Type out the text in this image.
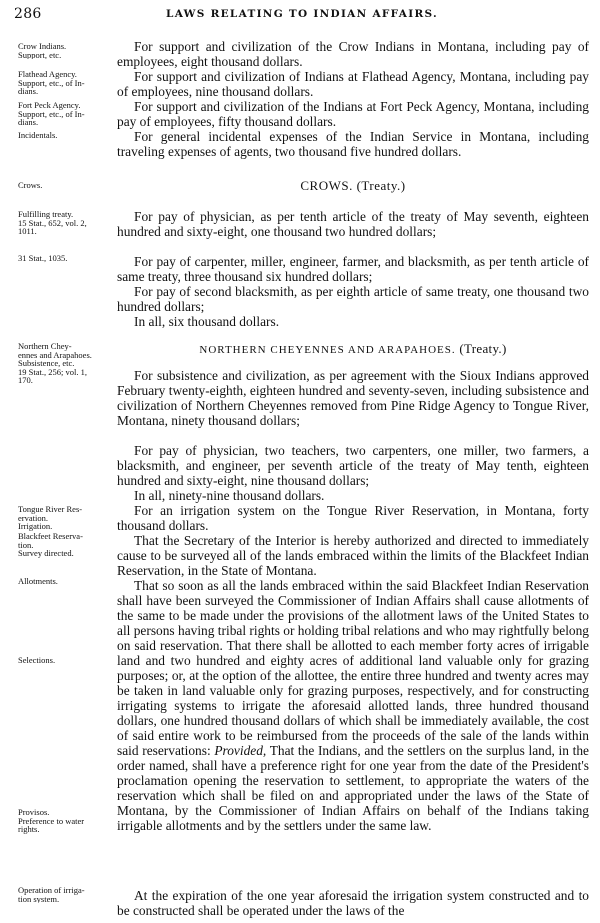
286	LAWS RELATING TO INDIAN AFFAIRS.
Crow Indians.
Support, etc.
Flathead Agency.
Support, etc., of In-
dians.
Fort Peck Agency.
Support, etc., of In-
dians.
Incidentals.
Crows.
Fulfilling treaty.
15 Stat., 652, vol. 2,
1011.
31 Stat., 1035.
Northern Chey-
ennes and Arapahoes.
Subsistence, etc.
19 Stat., 256; vol. 1,
170.
Tongue River Res-
ervation.
Irrigation.
Blackfeet Reserva-
tion.
Survey directed.
Allotments.
Selections.
Provisos.
Preference to water
rights.
Operation of irriga-
tion system.

For support and civilization of the Crow Indians in Montana, including pay of employees, eight thousand dollars.

For support and civilization of Indians at Flathead Agency, Montana, including pay of employees, nine thousand dollars.

For support and civilization of the Indians at Fort Peck Agency, Montana, including pay of employees, fifty thousand dollars.

For general incidental expenses of the Indian Service in Montana, including traveling expenses of agents, two thousand five hundred dollars.

CROWS. (Treaty.)

For pay of physician, as per tenth article of the treaty of May seventh, eighteen hundred and sixty-eight, one thousand two hundred dollars;

For pay of carpenter, miller, engineer, farmer, and blacksmith, as per tenth article of same treaty, three thousand six hundred dollars;

For pay of second blacksmith, as per eighth article of same treaty, one thousand two hundred dollars;

In all, six thousand dollars.

NORTHERN CHEYENNES AND ARAPAHOES. (Treaty.)

For subsistence and civilization, as per agreement with the Sioux Indians approved February twenty-eighth, eighteen hundred and seventy-seven, including subsistence and civilization of Northern Cheyennes removed from Pine Ridge Agency to Tongue River, Montana, ninety thousand dollars;

For pay of physician, two teachers, two carpenters, one miller, two farmers, a blacksmith, and engineer, per seventh article of the treaty of May tenth, eighteen hundred and sixty-eight, nine thousand dollars;

In all, ninety-nine thousand dollars.

For an irrigation system on the Tongue River Reservation, in Montana, forty thousand dollars.

That the Secretary of the Interior is hereby authorized and directed to immediately cause to be surveyed all of the lands embraced within the limits of the Blackfeet Indian Reservation, in the State of Montana.

That so soon as all the lands embraced within the said Blackfeet Indian Reservation shall have been surveyed the Commissioner of Indian Affairs shall cause allotments of the same to be made under the provisions of the allotment laws of the United States to all persons having tribal rights or holding tribal relations and who may rightfully belong on said reservation. That there shall be allotted to each member forty acres of irrigable land and two hundred and eighty acres of additional land valuable only for grazing purposes; or, at the option of the allottee, the entire three hundred and twenty acres may be taken in land valuable only for grazing purposes, respectively, and for constructing irrigating systems to irrigate the aforesaid allotted lands, three hundred thousand dollars, one hundred thousand dollars of which shall be immediately available, the cost of said entire work to be reimbursed from the proceeds of the sale of the lands within said reservations: Provided, That the Indians, and the settlers on the surplus land, in the order named, shall have a preference right for one year from the date of the President's proclamation opening the reservation to settlement, to appropriate the waters of the reservation which shall be filed on and appropriated under the laws of the State of Montana, by the Commissioner of Indian Affairs on behalf of the Indians taking irrigable allotments and by the settlers under the same law.

At the expiration of the one year aforesaid the irrigation system constructed and to be constructed shall be operated under the laws of the
